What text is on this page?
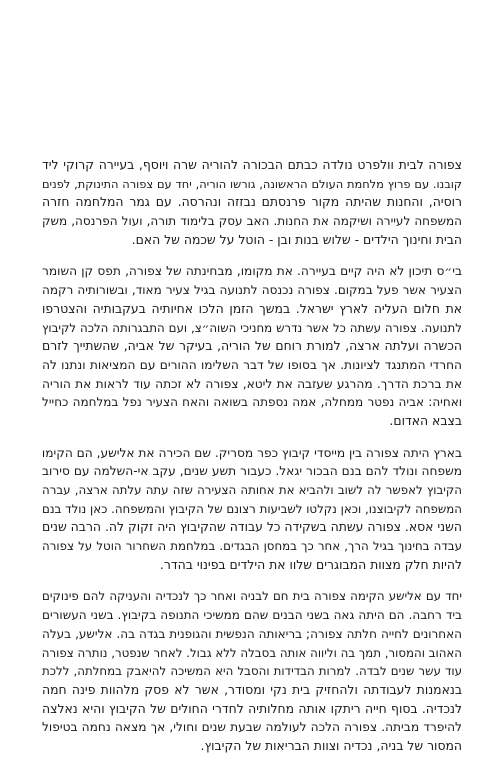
צפורה לבית וולפרט נולדה כבתם הבכורה להוריה שרה ויוסף, בעיירה קרוקי ליד
קובנו. עם פרוץ מלחמת העולם הראשונה, גורשו הוריה, יחד עם צפורה התינוקת, לפנים
רוסיה, והחנות שהיתה מקור פרנסתם נבזזה ונהרסה. עם גמר המלחמה חזרה
המשפחה לעיירה ושיקמה את החנות. האב עסק בלימוד תורה, ועול הפרנסה, משק
הבית וחינוך הילדים - שלוש בנות ובן - הוטל על שכמה של האם.
בי״ס תיכון לא היה קיים בעיירה. את מקומו, מבחינתה של צפורה, תפס קן השומר
הצעיר אשר פעל במקום. צפורה נכנסה לתנועה בגיל צעיר מאוד, ובשורותיה רקמה
את חלום העליה לארץ ישראל. במשך הזמן הלכו אחיותיה בעקבותיה והצטרפו
לתנועה. צפורה עשתה כל אשר נדרש מחניכי השוה״צ, ועם התבגרותה הלכה לקיבוץ
הכשרה ועלתה ארצה, למורת רוחם של הוריה, בעיקר של אביה, שהשתייך לזרם
החרדי המתנגד לציונות. אך בסופו של דבר השלימו ההורים עם המציאות ונתנו לה
את ברכת הדרך. מהרגע שעזבה את ליטא, צפורה לא זכתה עוד לראות את הוריה
ואחיה: אביה נפטר ממחלה, אמה נספתה בשואה והאח הצעיר נפל במלחמה כחייל
בצבא האדום.
בארץ היתה צפורה בין מייסדי קיבוץ כפר מסריק. שם הכירה את אלישע, הם הקימו
משפחה ונולד להם בנם הבכור יגאל. כעבור תשע שנים, עקב אי-השלמה עם סירוב
הקיבוץ לאפשר לה לשוב ולהביא את אחותה הצעירה שזה עתה עלתה ארצה, עברה
המשפחה לקיבוצנו, וכאן נקלטו לשביעות רצונם של הקיבוץ והמשפחה. כאן נולד בנם
השני אסא. צפורה עשתה בשקידה כל עבודה שהקיבוץ היה זקוק לה. הרבה שנים
עבדה בחינוך בגיל הרך, אחר כך במחסן הבגדים. במלחמת השחרור הוטל על צפורה
להיות חלק מצוות המבוגרים שלוו את הילדים בפינוי בהדר.
יחד עם אלישע הקימה צפורה בית חם לבניה ואחר כך לנכדיה והעניקה להם פינוקים
ביד רחבה. הם היתה גאה בשני הבנים שהם ממשיכי התנופה בקיבוץ. בשני העשורים
האחרונים לחייה חלתה צפורה; בריאותה הנפשית והגופנית בגדה בה. אלישע, בעלה
האהוב והמסור, תמך בה וליווה אותה בסבלה ללא גבול. לאחר שנפטר, נותרה צפורה
עוד עשר שנים לבדה. למרות הבדידות והסבל היא המשיכה להיאבק במחלתה, ללכת
בנאמנות לעבודתה ולהחזיק בית נקי ומסודר, אשר לא פסק מלהוות פינה חמה
לנכדיה. בסוף חייה ריתקו אותה מחלותיה לחדרי החולים של הקיבוץ והיא נאלצה
להיפרד מביתה. צפורה הלכה לעולמה שבעת שנים וחולי, אך מצאה נחמה בטיפול
המסור של בניה, נכדיה וצוות הבריאות של הקיבוץ.
